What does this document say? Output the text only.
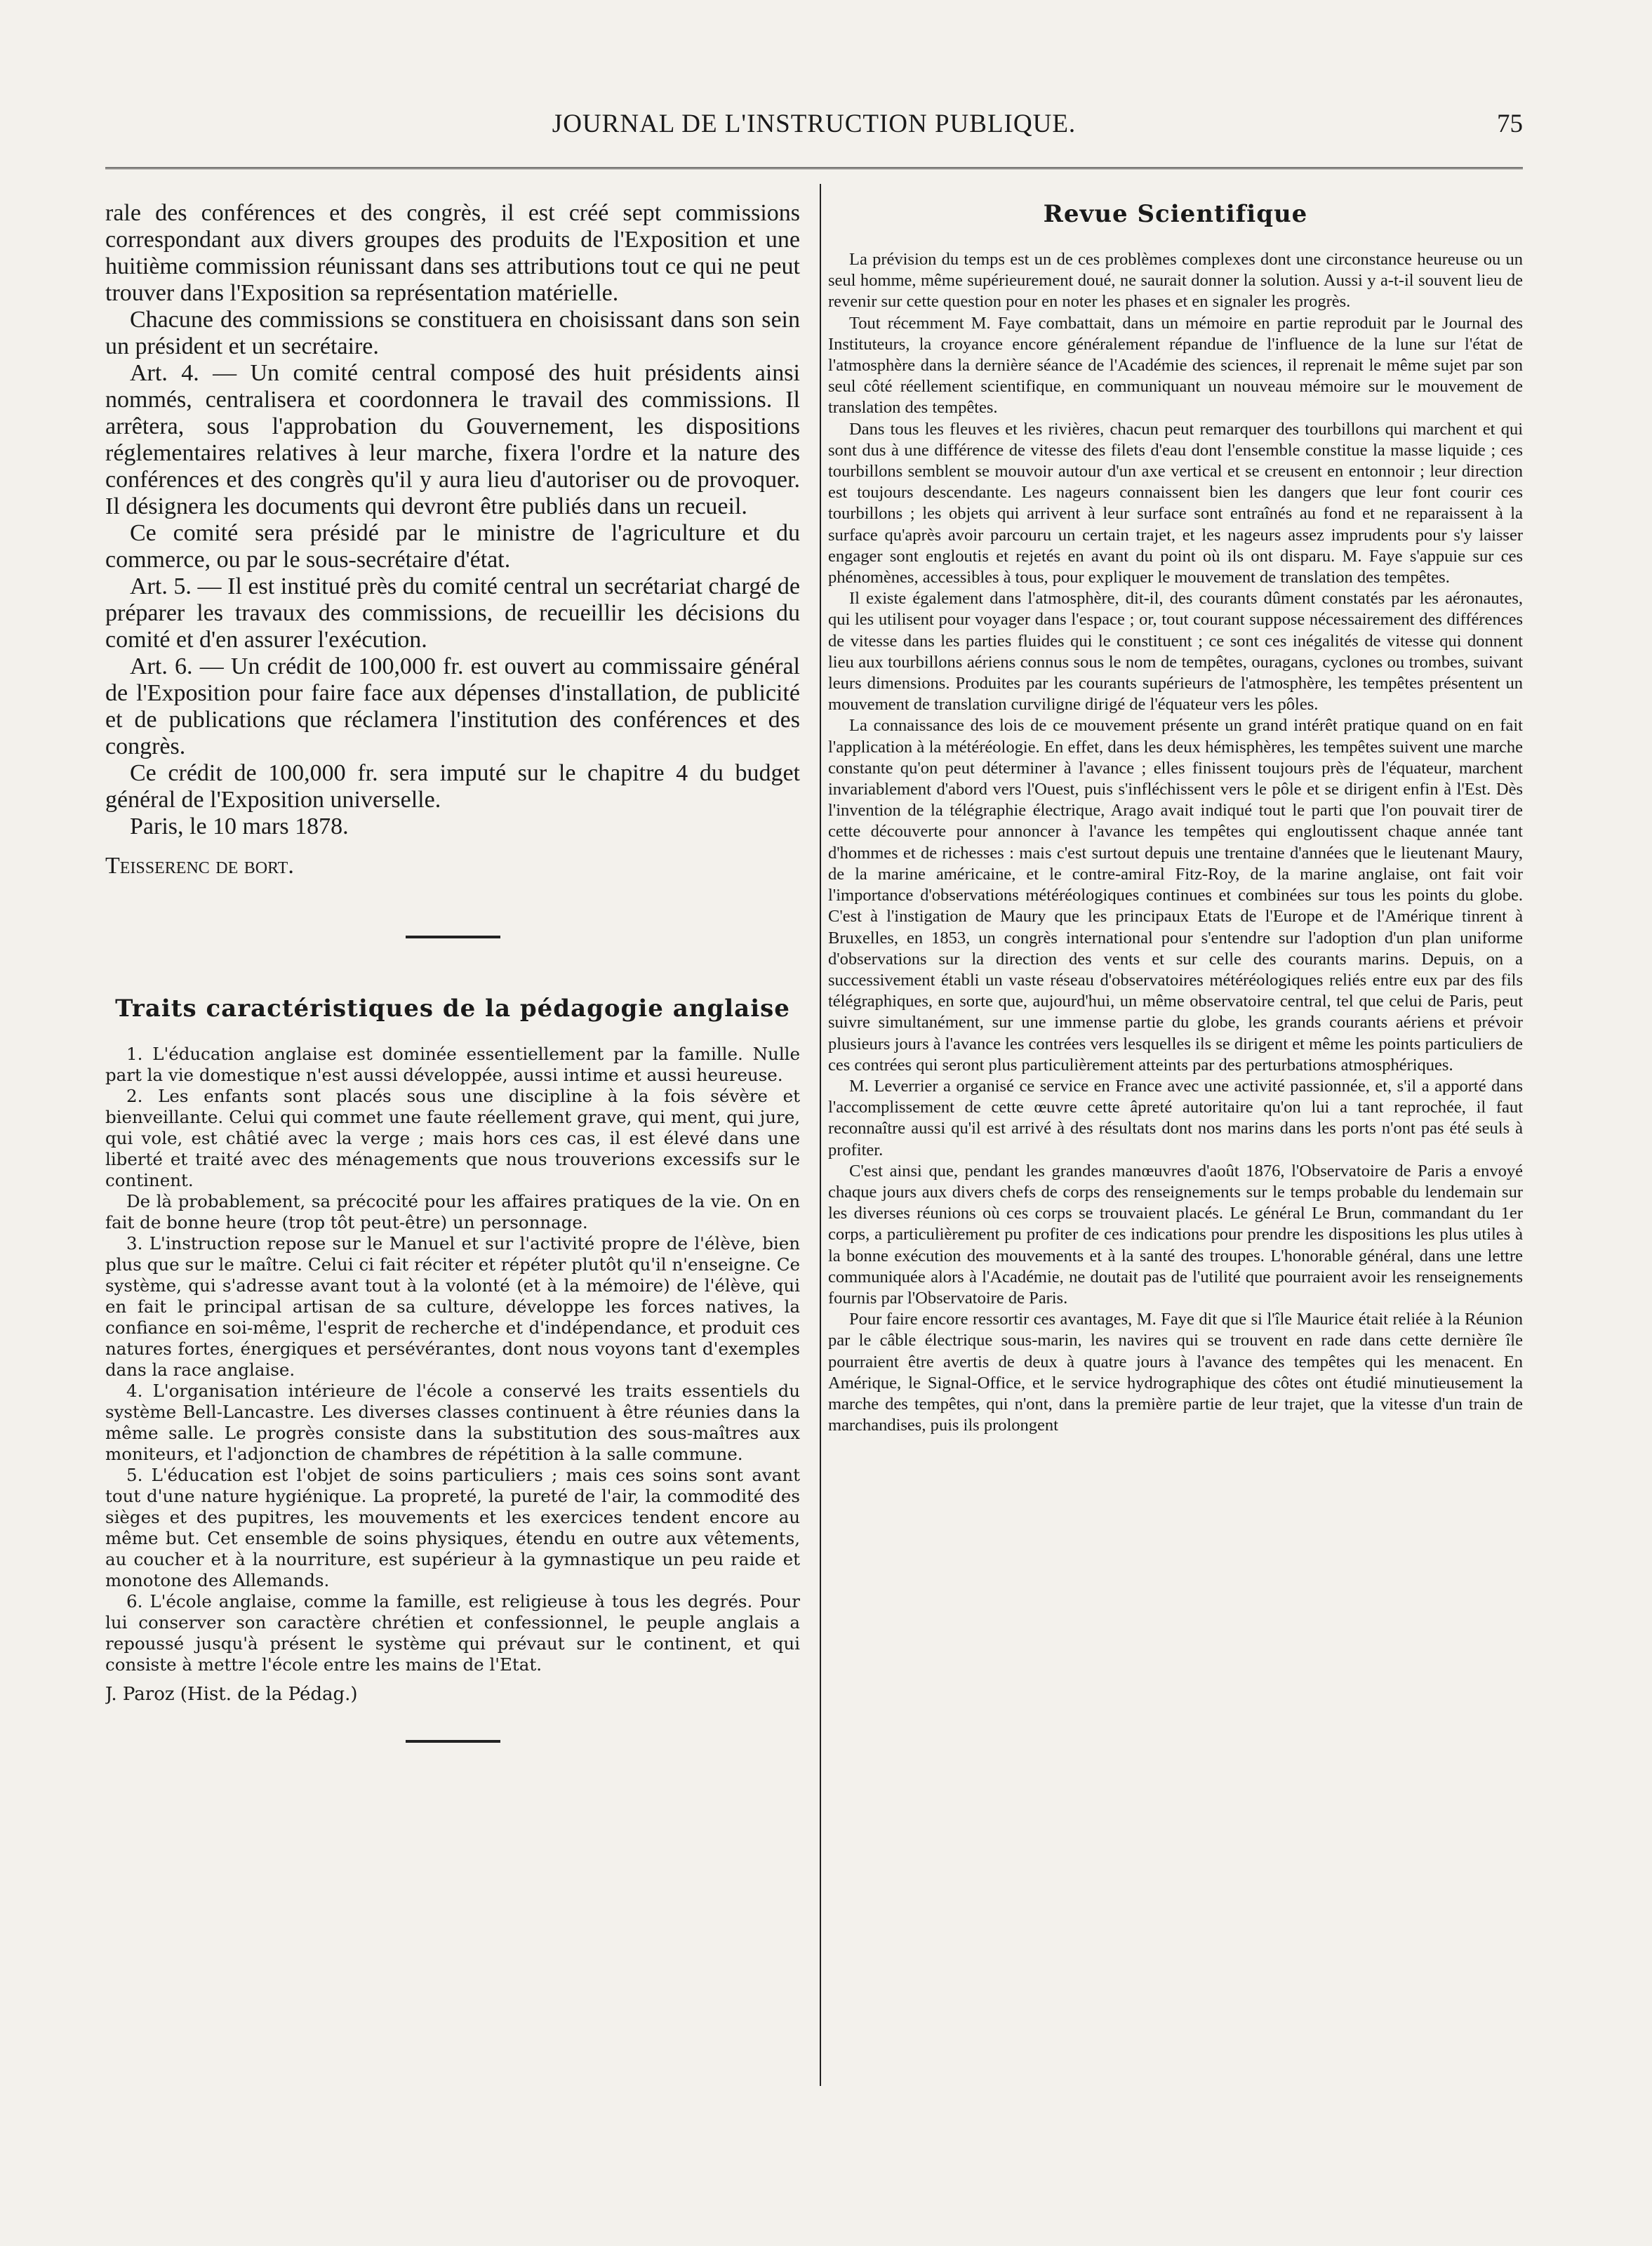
JOURNAL DE L'INSTRUCTION PUBLIQUE.	75

rale des conférences et des congrès, il est créé sept commissions correspondant aux divers groupes des produits de l'Exposition et une huitième commission réunissant dans ses attributions tout ce qui ne peut trouver dans l'Exposition sa représentation matérielle.

Chacune des commissions se constituera en choisissant dans son sein un président et un secrétaire.

Art. 4. — Un comité central composé des huit présidents ainsi nommés, centralisera et coordonnera le travail des commissions. Il arrêtera, sous l'approbation du Gouvernement, les dispositions réglementaires relatives à leur marche, fixera l'ordre et la nature des conférences et des congrès qu'il y aura lieu d'autoriser ou de provoquer. Il désignera les documents qui devront être publiés dans un recueil.

Ce comité sera présidé par le ministre de l'agriculture et du commerce, ou par le sous-secrétaire d'état.

Art. 5. — Il est institué près du comité central un secrétariat chargé de préparer les travaux des commissions, de recueillir les décisions du comité et d'en assurer l'exécution.

Art. 6. — Un crédit de 100,000 fr. est ouvert au commissaire général de l'Exposition pour faire face aux dépenses d'installation, de publicité et de publications que réclamera l'institution des conférences et des congrès.

Ce crédit de 100,000 fr. sera imputé sur le chapitre 4 du budget général de l'Exposition universelle.

Paris, le 10 mars 1878.

Teisserenc de bort.

Traits caractéristiques de la pédagogie anglaise

1. L'éducation anglaise est dominée essentiellement par la famille. Nulle part la vie domestique n'est aussi développée, aussi intime et aussi heureuse.

2. Les enfants sont placés sous une discipline à la fois sévère et bienveillante. Celui qui commet une faute réellement grave, qui ment, qui jure, qui vole, est châtié avec la verge ; mais hors ces cas, il est élevé dans une liberté et traité avec des ménagements que nous trouverions excessifs sur le continent.

De là probablement, sa précocité pour les affaires pratiques de la vie. On en fait de bonne heure (trop tôt peut-être) un personnage.

3. L'instruction repose sur le Manuel et sur l'activité propre de l'élève, bien plus que sur le maître. Celui ci fait réciter et répéter plutôt qu'il n'enseigne. Ce système, qui s'adresse avant tout à la volonté (et à la mémoire) de l'élève, qui en fait le principal artisan de sa culture, développe les forces natives, la confiance en soi-même, l'esprit de recherche et d'indépendance, et produit ces natures fortes, énergiques et persévérantes, dont nous voyons tant d'exemples dans la race anglaise.

4. L'organisation intérieure de l'école a conservé les traits essentiels du système Bell-Lancastre. Les diverses classes continuent à être réunies dans la même salle. Le progrès consiste dans la substitution des sous-maîtres aux moniteurs, et l'adjonction de chambres de répétition à la salle commune.

5. L'éducation est l'objet de soins particuliers ; mais ces soins sont avant tout d'une nature hygiénique. La propreté, la pureté de l'air, la commodité des sièges et des pupitres, les mouvements et les exercices tendent encore au même but. Cet ensemble de soins physiques, étendu en outre aux vêtements, au coucher et à la nourriture, est supérieur à la gymnastique un peu raide et monotone des Allemands.

6. L'école anglaise, comme la famille, est religieuse à tous les degrés. Pour lui conserver son caractère chrétien et confessionnel, le peuple anglais a repoussé jusqu'à présent le système qui prévaut sur le continent, et qui consiste à mettre l'école entre les mains de l'Etat.

J. Paroz (Hist. de la Pédag.)

Revue Scientifique

La prévision du temps est un de ces problèmes complexes dont une circonstance heureuse ou un seul homme, même supérieurement doué, ne saurait donner la solution. Aussi y a-t-il souvent lieu de revenir sur cette question pour en noter les phases et en signaler les progrès.

Tout récemment M. Faye combattait, dans un mémoire en partie reproduit par le Journal des Instituteurs, la croyance encore généralement répandue de l'influence de la lune sur l'état de l'atmosphère dans la dernière séance de l'Académie des sciences, il reprenait le même sujet par son seul côté réellement scientifique, en communiquant un nouveau mémoire sur le mouvement de translation des tempêtes.

Dans tous les fleuves et les rivières, chacun peut remarquer des tourbillons qui marchent et qui sont dus à une différence de vitesse des filets d'eau dont l'ensemble constitue la masse liquide ; ces tourbillons semblent se mouvoir autour d'un axe vertical et se creusent en entonnoir ; leur direction est toujours descendante. Les nageurs connaissent bien les dangers que leur font courir ces tourbillons ; les objets qui arrivent à leur surface sont entraînés au fond et ne reparaissent à la surface qu'après avoir parcouru un certain trajet, et les nageurs assez imprudents pour s'y laisser engager sont engloutis et rejetés en avant du point où ils ont disparu. M. Faye s'appuie sur ces phénomènes, accessibles à tous, pour expliquer le mouvement de translation des tempêtes.

Il existe également dans l'atmosphère, dit-il, des courants dûment constatés par les aéronautes, qui les utilisent pour voyager dans l'espace ; or, tout courant suppose nécessairement des différences de vitesse dans les parties fluides qui le constituent ; ce sont ces inégalités de vitesse qui donnent lieu aux tourbillons aériens connus sous le nom de tempêtes, ouragans, cyclones ou trombes, suivant leurs dimensions. Produites par les courants supérieurs de l'atmosphère, les tempêtes présentent un mouvement de translation curviligne dirigé de l'équateur vers les pôles.

La connaissance des lois de ce mouvement présente un grand intérêt pratique quand on en fait l'application à la météréologie. En effet, dans les deux hémisphères, les tempêtes suivent une marche constante qu'on peut déterminer à l'avance ; elles finissent toujours près de l'équateur, marchent invariablement d'abord vers l'Ouest, puis s'infléchissent vers le pôle et se dirigent enfin à l'Est. Dès l'invention de la télégraphie électrique, Arago avait indiqué tout le parti que l'on pouvait tirer de cette découverte pour annoncer à l'avance les tempêtes qui engloutissent chaque année tant d'hommes et de richesses : mais c'est surtout depuis une trentaine d'années que le lieutenant Maury, de la marine américaine, et le contre-amiral Fitz-Roy, de la marine anglaise, ont fait voir l'importance d'observations météréologiques continues et combinées sur tous les points du globe. C'est à l'instigation de Maury que les principaux Etats de l'Europe et de l'Amérique tinrent à Bruxelles, en 1853, un congrès international pour s'entendre sur l'adoption d'un plan uniforme d'observations sur la direction des vents et sur celle des courants marins. Depuis, on a successivement établi un vaste réseau d'observatoires météréologiques reliés entre eux par des fils télégraphiques, en sorte que, aujourd'hui, un même observatoire central, tel que celui de Paris, peut suivre simultanément, sur une immense partie du globe, les grands courants aériens et prévoir plusieurs jours à l'avance les contrées vers lesquelles ils se dirigent et même les points particuliers de ces contrées qui seront plus particulièrement atteints par des perturbations atmosphériques.

M. Leverrier a organisé ce service en France avec une activité passionnée, et, s'il a apporté dans l'accomplissement de cette œuvre cette âpreté autoritaire qu'on lui a tant reprochée, il faut reconnaître aussi qu'il est arrivé à des résultats dont nos marins dans les ports n'ont pas été seuls à profiter.

C'est ainsi que, pendant les grandes manœuvres d'août 1876, l'Observatoire de Paris a envoyé chaque jours aux divers chefs de corps des renseignements sur le temps probable du lendemain sur les diverses réunions où ces corps se trouvaient placés. Le général Le Brun, commandant du 1er corps, a particulièrement pu profiter de ces indications pour prendre les dispositions les plus utiles à la bonne exécution des mouvements et à la santé des troupes. L'honorable général, dans une lettre communiquée alors à l'Académie, ne doutait pas de l'utilité que pourraient avoir les renseignements fournis par l'Observatoire de Paris.

Pour faire encore ressortir ces avantages, M. Faye dit que si l'île Maurice était reliée à la Réunion par le câble électrique sous-marin, les navires qui se trouvent en rade dans cette dernière île pourraient être avertis de deux à quatre jours à l'avance des tempêtes qui les menacent. En Amérique, le Signal-Office, et le service hydrographique des côtes ont étudié minutieusement la marche des tempêtes, qui n'ont, dans la première partie de leur trajet, que la vitesse d'un train de marchandises, puis ils prolongent
